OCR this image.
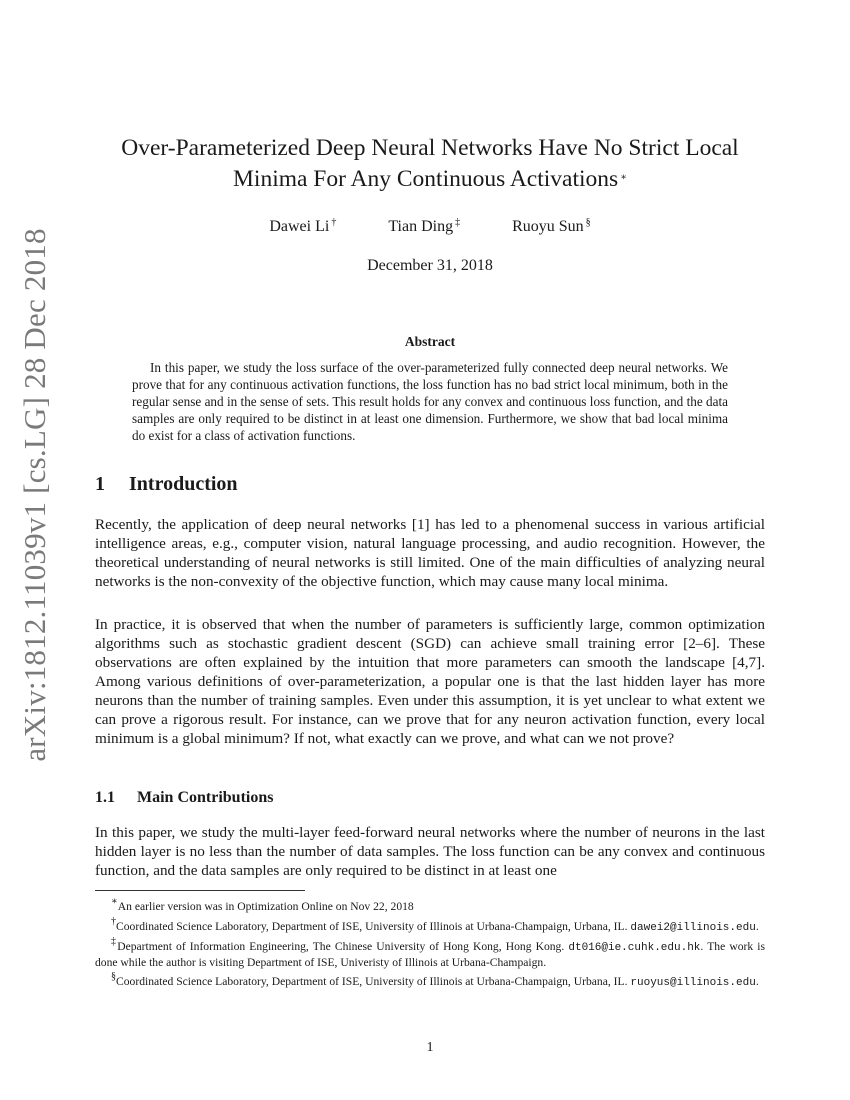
arXiv:1812.11039v1 [cs.LG] 28 Dec 2018
Over-Parameterized Deep Neural Networks Have No Strict Local Minima For Any Continuous Activations ∗
Dawei Li †	Tian Ding ‡	Ruoyu Sun §
December 31, 2018
Abstract

In this paper, we study the loss surface of the over-parameterized fully connected deep neural networks. We prove that for any continuous activation functions, the loss function has no bad strict local minimum, both in the regular sense and in the sense of sets. This result holds for any convex and continuous loss function, and the data samples are only required to be distinct in at least one dimension. Furthermore, we show that bad local minima do exist for a class of activation functions.

1 Introduction

Recently, the application of deep neural networks [1] has led to a phenomenal success in various artificial intelligence areas, e.g., computer vision, natural language processing, and audio recognition. However, the theoretical understanding of neural networks is still limited. One of the main difficulties of analyzing neural networks is the non-convexity of the objective function, which may cause many local minima.

In practice, it is observed that when the number of parameters is sufficiently large, common optimization algorithms such as stochastic gradient descent (SGD) can achieve small training error [2–6]. These observations are often explained by the intuition that more parameters can smooth the landscape [4,7]. Among various definitions of over-parameterization, a popular one is that the last hidden layer has more neurons than the number of training samples. Even under this assumption, it is yet unclear to what extent we can prove a rigorous result. For instance, can we prove that for any neuron activation function, every local minimum is a global minimum? If not, what exactly can we prove, and what can we not prove?

1.1 Main Contributions

In this paper, we study the multi-layer feed-forward neural networks where the number of neurons in the last hidden layer is no less than the number of data samples. The loss function can be any convex and continuous function, and the data samples are only required to be distinct in at least one

∗An earlier version was in Optimization Online on Nov 22, 2018
†Coordinated Science Laboratory, Department of ISE, University of Illinois at Urbana-Champaign, Urbana, IL. dawei2@illinois.edu.
‡Department of Information Engineering, The Chinese University of Hong Kong, Hong Kong. dt016@ie.cuhk.edu.hk. The work is done while the author is visiting Department of ISE, Univeristy of Illinois at Urbana-Champaign.
§Coordinated Science Laboratory, Department of ISE, University of Illinois at Urbana-Champaign, Urbana, IL. ruoyus@illinois.edu.
1
